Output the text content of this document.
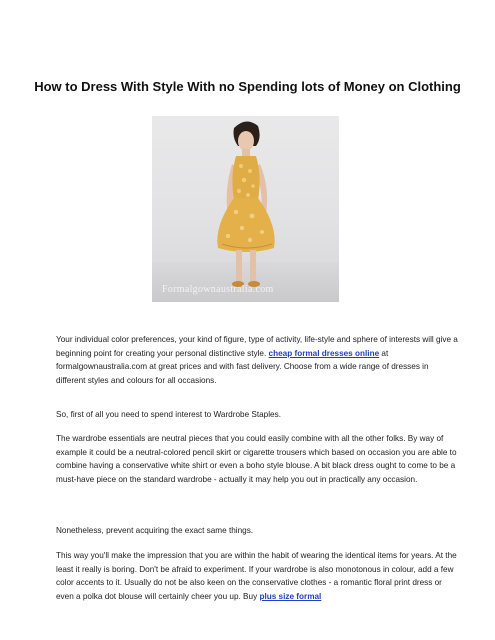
How to Dress With Style With no Spending lots of Money on Clothing
Formalgownaustralia.com

Your individual color preferences, your kind of figure, type of activity, life-style and sphere of interests will give a beginning point for creating your personal distinctive style. cheap formal dresses online at formalgownaustralia.com at great prices and with fast delivery. Choose from a wide range of dresses in different styles and colours for all occasions.

So, first of all you need to spend interest to Wardrobe Staples.

The wardrobe essentials are neutral pieces that you could easily combine with all the other folks. By way of example it could be a neutral-colored pencil skirt or cigarette trousers which based on occasion you are able to combine having a conservative white shirt or even a boho style blouse. A bit black dress ought to come to be a must-have piece on the standard wardrobe - actually it may help you out in practically any occasion.

Nonetheless, prevent acquiring the exact same things.

This way you'll make the impression that you are within the habit of wearing the identical items for years. At the least it really is boring. Don't be afraid to experiment. If your wardrobe is also monotonous in colour, add a few color accents to it. Usually do not be also keen on the conservative clothes - a romantic floral print dress or even a polka dot blouse will certainly cheer you up. Buy plus size formal
